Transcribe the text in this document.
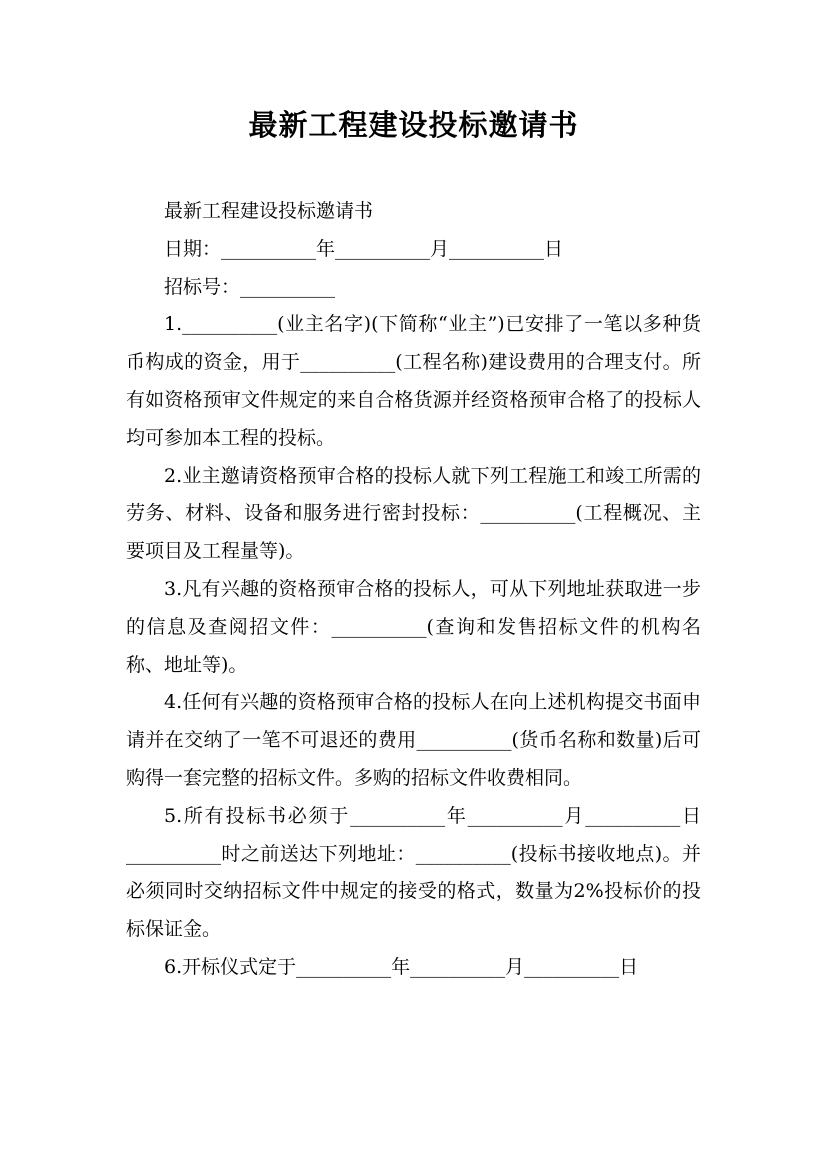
最新工程建设投标邀请书

最新工程建设投标邀请书

日期：__________年__________月__________日

招标号：__________

1.__________(业主名字)(下简称“业主”)已安排了一笔以多种货币构成的资金，用于__________(工程名称)建设费用的合理支付。所有如资格预审文件规定的来自合格货源并经资格预审合格了的投标人均可参加本工程的投标。

2.业主邀请资格预审合格的投标人就下列工程施工和竣工所需的劳务、材料、设备和服务进行密封投标：__________(工程概况、主要项目及工程量等)。

3.凡有兴趣的资格预审合格的投标人，可从下列地址获取进一步的信息及查阅招文件：__________(查询和发售招标文件的机构名称、地址等)。

4.任何有兴趣的资格预审合格的投标人在向上述机构提交书面申请并在交纳了一笔不可退还的费用__________(货币名称和数量)后可购得一套完整的招标文件。多购的招标文件收费相同。

5.所有投标书必须于__________年__________月__________日__________时之前送达下列地址：__________(投标书接收地点)。并必须同时交纳招标文件中规定的接受的格式，数量为2%投标价的投标保证金。

6.开标仪式定于__________年__________月__________日
